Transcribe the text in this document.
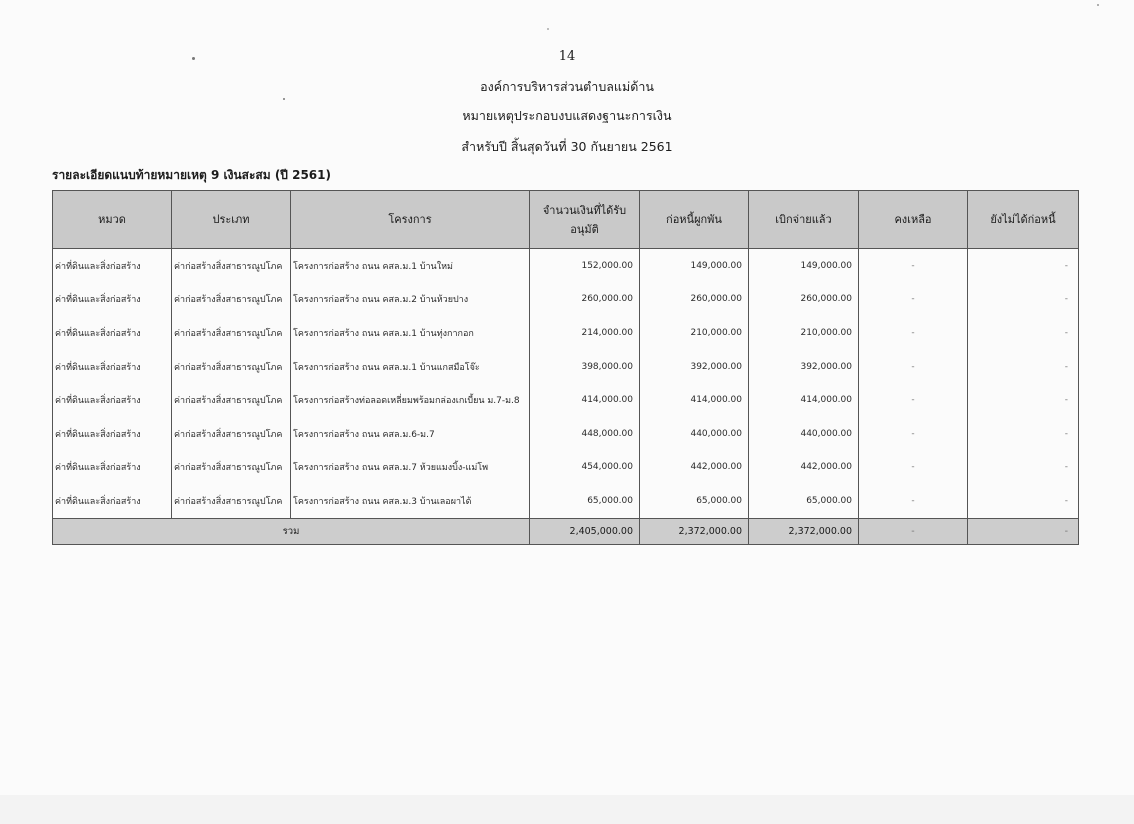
14
องค์การบริหารส่วนตำบลแม่ด้าน
หมายเหตุประกอบงบแสดงฐานะการเงิน
สำหรับปี สิ้นสุดวันที่ 30 กันยายน 2561
รายละเอียดแนบท้ายหมายเหตุ 9 เงินสะสม (ปี 2561)
หมวด	ประเภท	โครงการ	จำนวนเงินที่ได้รับอนุมัติ	ก่อหนี้ผูกพัน	เบิกจ่ายแล้ว	คงเหลือ	ยังไม่ได้ก่อหนี้
ค่าที่ดินและสิ่งก่อสร้าง	ค่าก่อสร้างสิ่งสาธารณูปโภค	โครงการก่อสร้าง ถนน คสล.ม.1 บ้านใหม่	152,000.00	149,000.00	149,000.00	-	-
ค่าที่ดินและสิ่งก่อสร้าง	ค่าก่อสร้างสิ่งสาธารณูปโภค	โครงการก่อสร้าง ถนน คสล.ม.2 บ้านห้วยปาง	260,000.00	260,000.00	260,000.00	-	-
ค่าที่ดินและสิ่งก่อสร้าง	ค่าก่อสร้างสิ่งสาธารณูปโภค	โครงการก่อสร้าง ถนน คสล.ม.1 บ้านทุ่งกากอก	214,000.00	210,000.00	210,000.00	-	-
ค่าที่ดินและสิ่งก่อสร้าง	ค่าก่อสร้างสิ่งสาธารณูปโภค	โครงการก่อสร้าง ถนน คสล.ม.1 บ้านแกสมือโจ๊ะ	398,000.00	392,000.00	392,000.00	-	-
ค่าที่ดินและสิ่งก่อสร้าง	ค่าก่อสร้างสิ่งสาธารณูปโภค	โครงการก่อสร้างท่อลอดเหลี่ยมพร้อมกล่องเกเบี้ยน ม.7-ม.8	414,000.00	414,000.00	414,000.00	-	-
ค่าที่ดินและสิ่งก่อสร้าง	ค่าก่อสร้างสิ่งสาธารณูปโภค	โครงการก่อสร้าง ถนน คสล.ม.6-ม.7	448,000.00	440,000.00	440,000.00	-	-
ค่าที่ดินและสิ่งก่อสร้าง	ค่าก่อสร้างสิ่งสาธารณูปโภค	โครงการก่อสร้าง ถนน คสล.ม.7 ห้วยแมงบิ้ง-แม่โพ	454,000.00	442,000.00	442,000.00	-	-
ค่าที่ดินและสิ่งก่อสร้าง	ค่าก่อสร้างสิ่งสาธารณูปโภค	โครงการก่อสร้าง ถนน คสล.ม.3 บ้านเลอผาได้	65,000.00	65,000.00	65,000.00	-	-
รวม			2,405,000.00	2,372,000.00	2,372,000.00	-	-
